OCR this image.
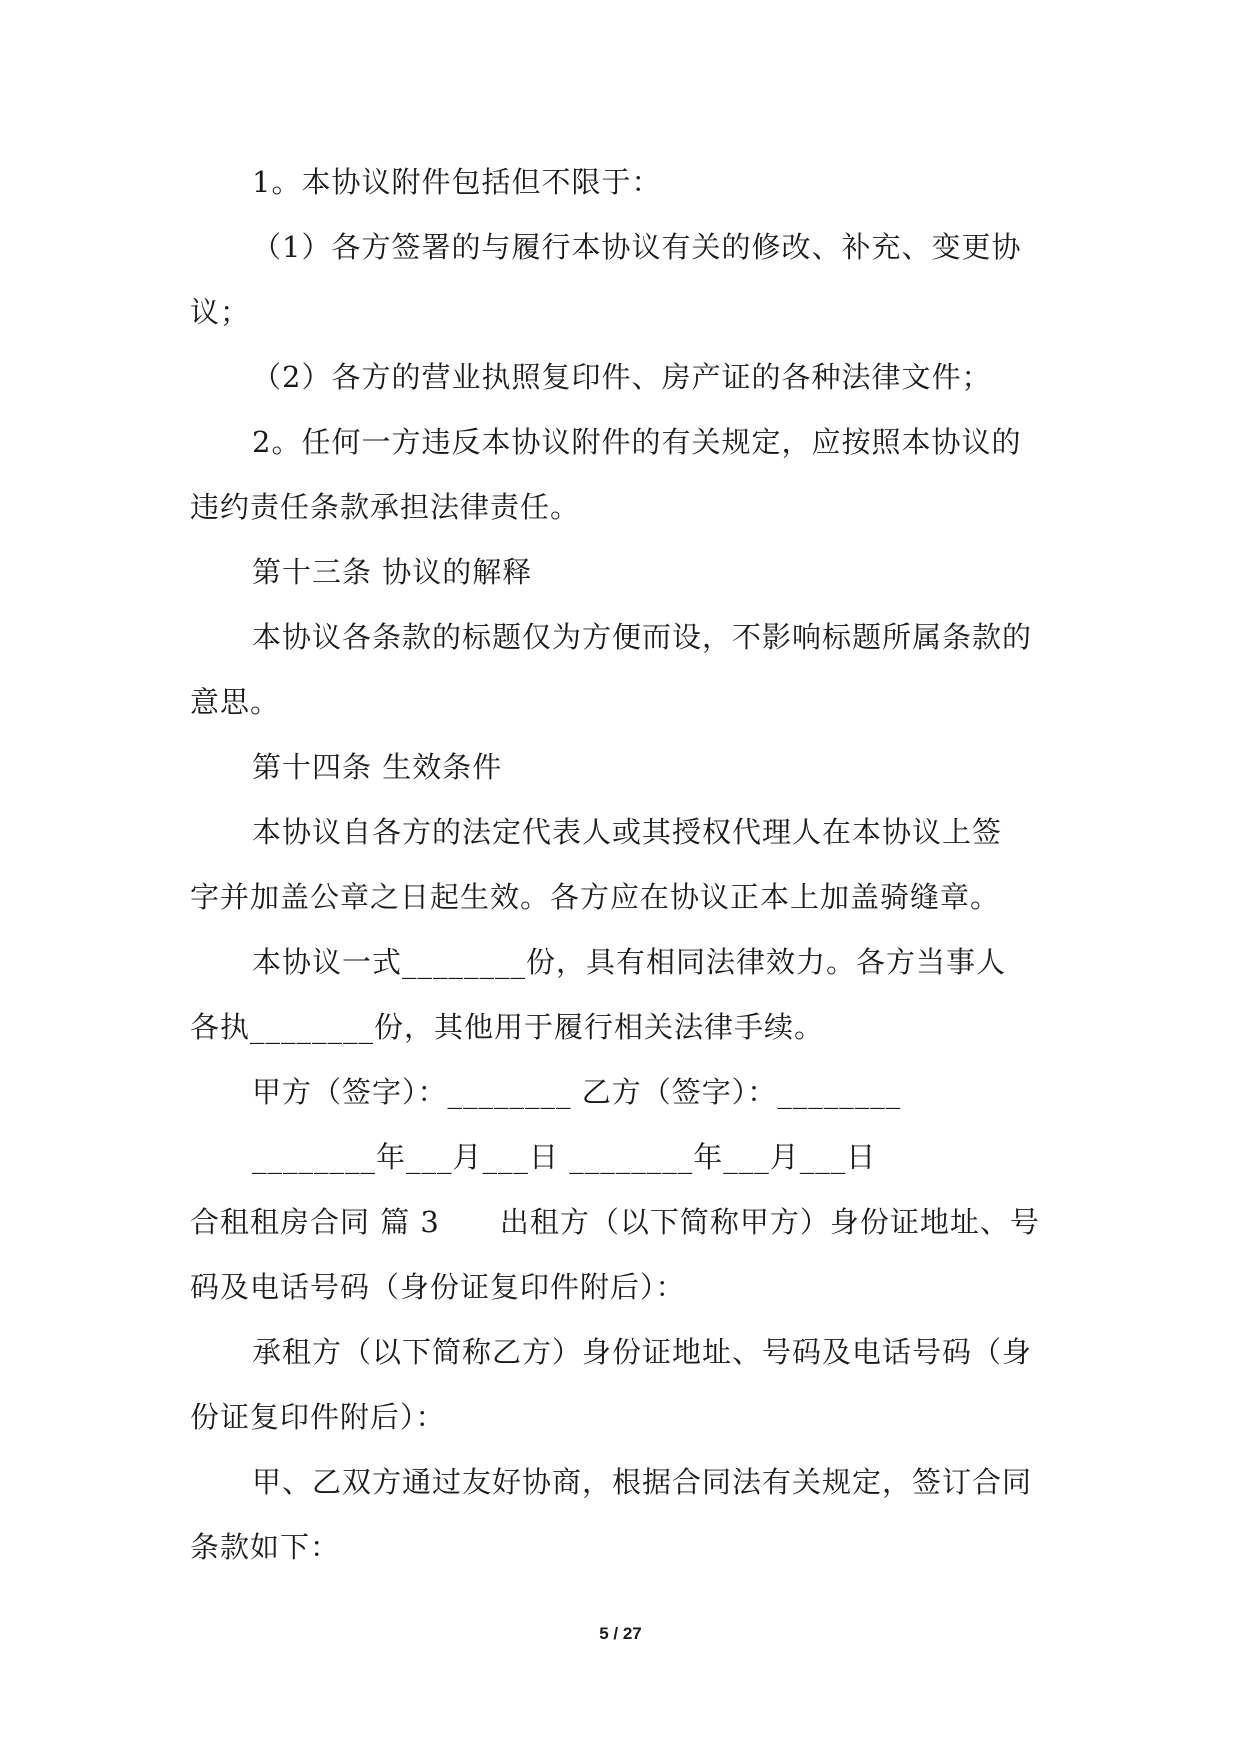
1。本协议附件包括但不限于：
（1）各方签署的与履行本协议有关的修改、补充、变更协
议；
（2）各方的营业执照复印件、房产证的各种法律文件；
2。任何一方违反本协议附件的有关规定，应按照本协议的
违约责任条款承担法律责任。
第十三条 协议的解释
本协议各条款的标题仅为方便而设，不影响标题所属条款的
意思。
第十四条 生效条件
本协议自各方的法定代表人或其授权代理人在本协议上签
字并加盖公章之日起生效。各方应在协议正本上加盖骑缝章。
本协议一式________份，具有相同法律效力。各方当事人
各执________份，其他用于履行相关法律手续。
甲方（签字）：________ 乙方（签字）：________
________年___月___日 ________年___月___日
合租租房合同 篇 3　　出租方（以下简称甲方）身份证地址、号
码及电话号码（身份证复印件附后）：
承租方（以下简称乙方）身份证地址、号码及电话号码（身
份证复印件附后）：
甲、乙双方通过友好协商，根据合同法有关规定，签订合同
条款如下：
5 / 27
